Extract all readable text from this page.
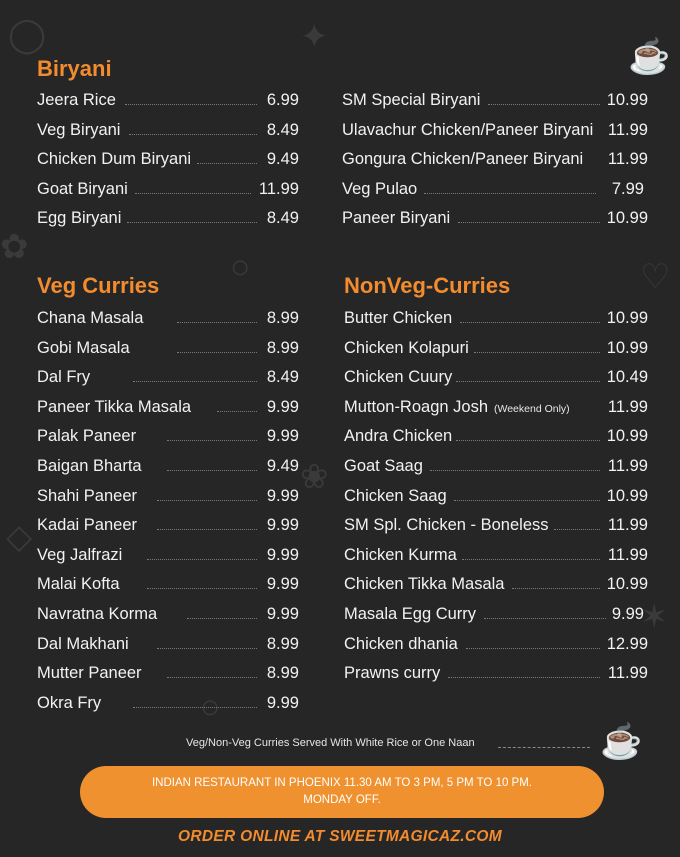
◯	✦
☕
✿
♡
○
❀
◇
✶
○
☕
Biryani
Jeera Rice	6.99
Veg Biryani	8.49
Chicken Dum Biryani	9.49
Goat Biryani	11.99
Egg Biryani	8.49
SM Special Biryani	10.99
Ulavachur Chicken/Paneer Biryani 11.99
Gongura Chicken/Paneer Biryani 11.99
Veg Pulao	7.99
Paneer Biryani	10.99
Veg Curries
Chana Masala	8.99
Gobi Masala	8.99
Dal Fry	8.49
Paneer Tikka Masala	9.99
Palak Paneer	9.99
Baigan Bharta	9.49
Shahi Paneer	9.99
Kadai Paneer	9.99
Veg Jalfrazi	9.99
Malai Kofta	9.99
Navratna Korma	9.99
Dal Makhani	8.99
Mutter Paneer	8.99
Okra Fry	9.99
NonVeg-Curries
Butter Chicken	10.99
Chicken Kolapuri	10.99
Chicken Cuury	10.49
Mutton-Roagn Josh (Weekend Only) 11.99
Andra Chicken	10.99
Goat Saag	11.99
Chicken Saag	10.99
SM Spl. Chicken - Boneless	11.99
Chicken Kurma	11.99
Chicken Tikka Masala	10.99
Masala Egg Curry	9.99
Chicken dhania	12.99
Prawns curry	11.99
Veg/Non-Veg Curries Served With White Rice or One Naan
INDIAN RESTAURANT IN PHOENIX 11.30 AM TO 3 PM, 5 PM TO 10 PM.
MONDAY OFF.
ORDER ONLINE AT SWEETMAGICAZ.COM
